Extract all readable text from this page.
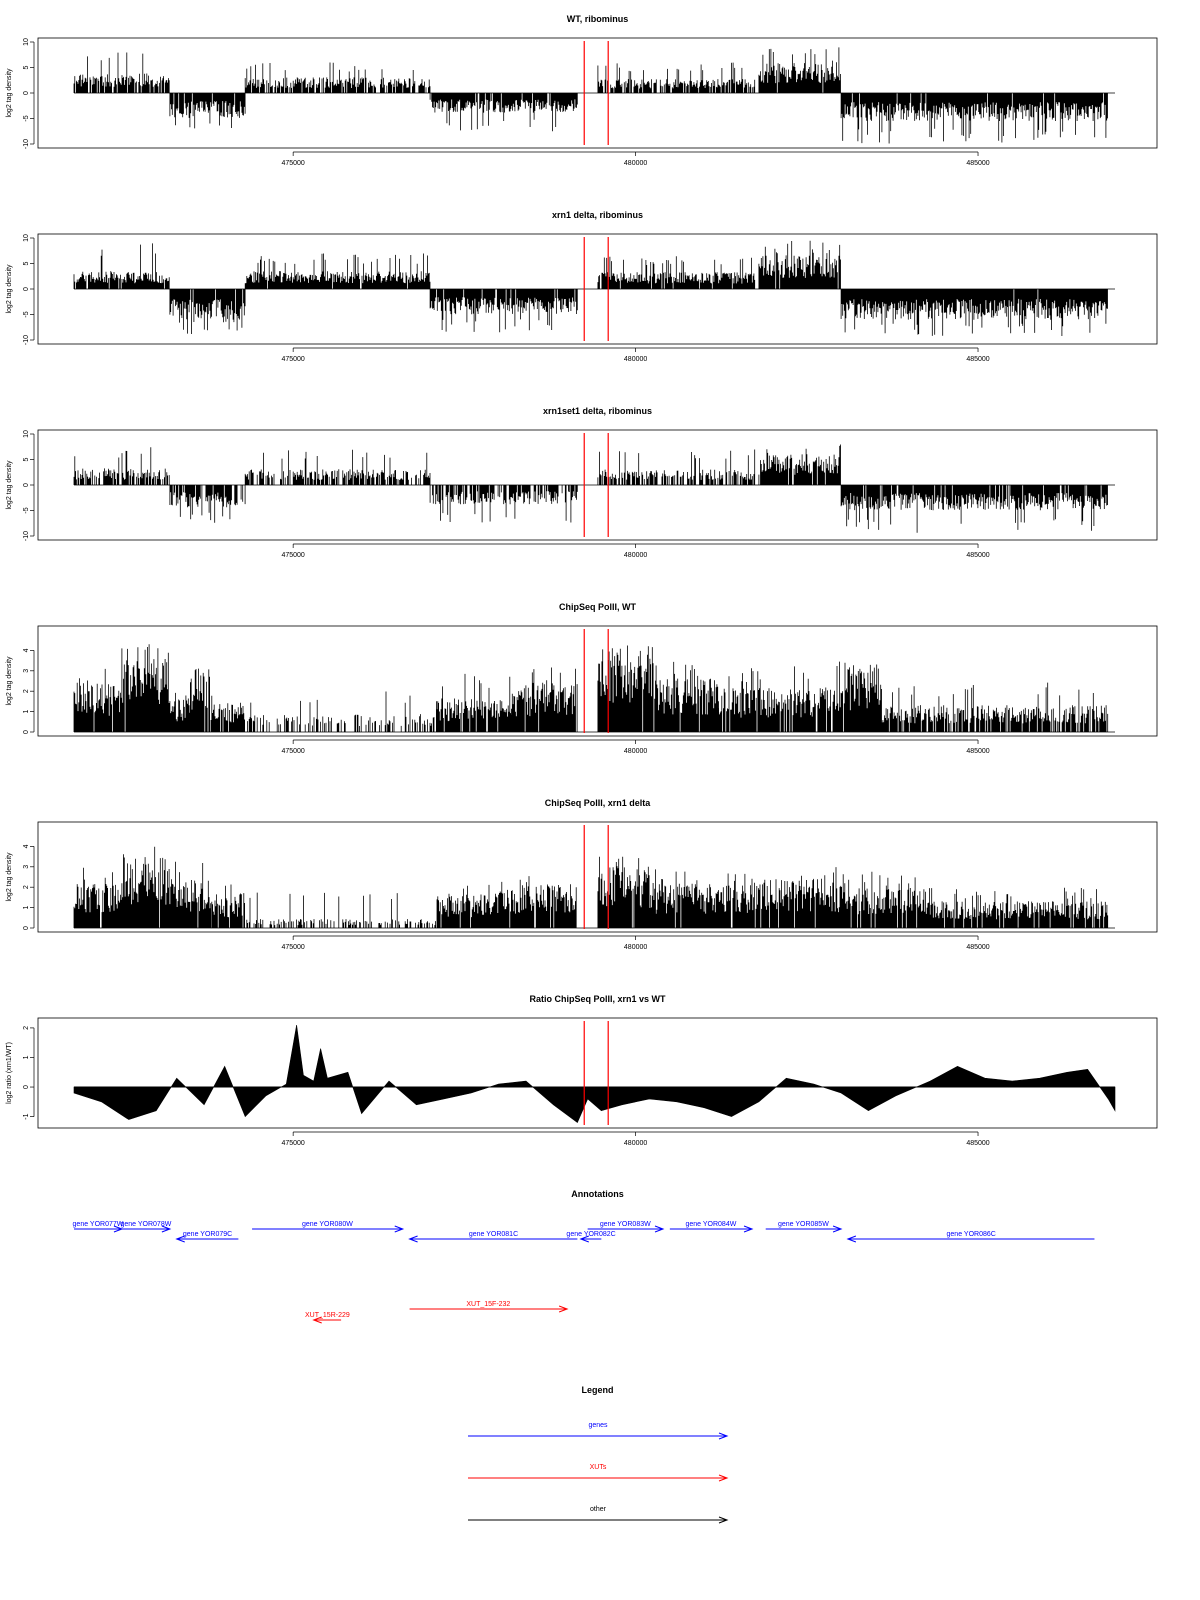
WT, ribominus
-10
-5
0
5
10
log2 tag density
475000	480000	485000
xrn1 delta, ribominus
-10
-5
0
5
10
log2 tag density
475000	480000	485000
xrn1set1 delta, ribominus
-10
-5
0
5
10
log2 tag density
475000	480000	485000
ChipSeq PolII, WT
0
1
2
3
4
log2 tag density
475000	480000	485000
ChipSeq PolII, xrn1 delta
0
1
2
3
4
log2 tag density
475000	480000	485000
Ratio ChipSeq PolII, xrn1 vs WT
-1
0
1
2
log2 ratio (xrn1/WT)
475000	480000	485000
Annotations
gene YOR077W
gene YOR078W
gene YOR079C
gene YOR080W
gene YOR081C	gene YOR082C
gene YOR083W	gene YOR084W	gene YOR085W
gene YOR086C
XUT_15R-229
XUT_15F-232
Legend
genes
XUTs
other
